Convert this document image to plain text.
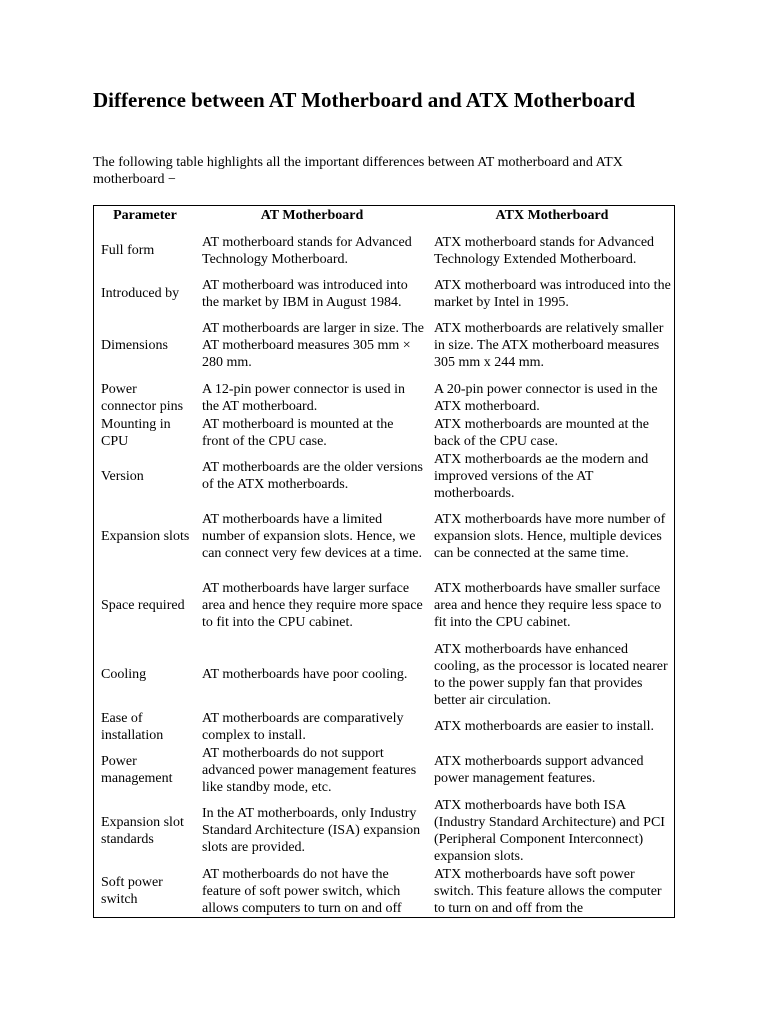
Difference between AT Motherboard and ATX Motherboard

The following table highlights all the important differences between AT motherboard and ATX motherboard −

Parameter	AT Motherboard	ATX Motherboard
Full form	AT motherboard stands for Advanced Technology Motherboard.	ATX motherboard stands for Advanced Technology Extended Motherboard.
Introduced by	AT motherboard was introduced into the market by IBM in August 1984.	ATX motherboard was introduced into the market by Intel in 1995.
Dimensions	AT motherboards are larger in size. The AT motherboard measures 305 mm × 280 mm.	ATX motherboards are relatively smaller in size. The ATX motherboard measures 305 mm x 244 mm.
Power connector pins	A 12-pin power connector is used in the AT motherboard.	A 20-pin power connector is used in the ATX motherboard.
Mounting in CPU	AT motherboard is mounted at the front of the CPU case.	ATX motherboards are mounted at the back of the CPU case.
Version	AT motherboards are the older versions of the ATX motherboards.	ATX motherboards ae the modern and improved versions of the AT motherboards.
Expansion slots	AT motherboards have a limited number of expansion slots. Hence, we can connect very few devices at a time.	ATX motherboards have more number of expansion slots. Hence, multiple devices can be connected at the same time.
Space required	AT motherboards have larger surface area and hence they require more space to fit into the CPU cabinet.	ATX motherboards have smaller surface area and hence they require less space to fit into the CPU cabinet.
Cooling	AT motherboards have poor cooling.	ATX motherboards have enhanced cooling, as the processor is located nearer to the power supply fan that provides better air circulation.
Ease of installation	AT motherboards are comparatively complex to install.	ATX motherboards are easier to install.
Power management	AT motherboards do not support advanced power management features like standby mode, etc.	ATX motherboards support advanced power management features.
Expansion slot standards	In the AT motherboards, only Industry Standard Architecture (ISA) expansion slots are provided.	ATX motherboards have both ISA (Industry Standard Architecture) and PCI (Peripheral Component Interconnect) expansion slots.
Soft power switch	AT motherboards do not have the feature of soft power switch, which allows computers to turn on and off	ATX motherboards have soft power switch. This feature allows the computer to turn on and off from the
